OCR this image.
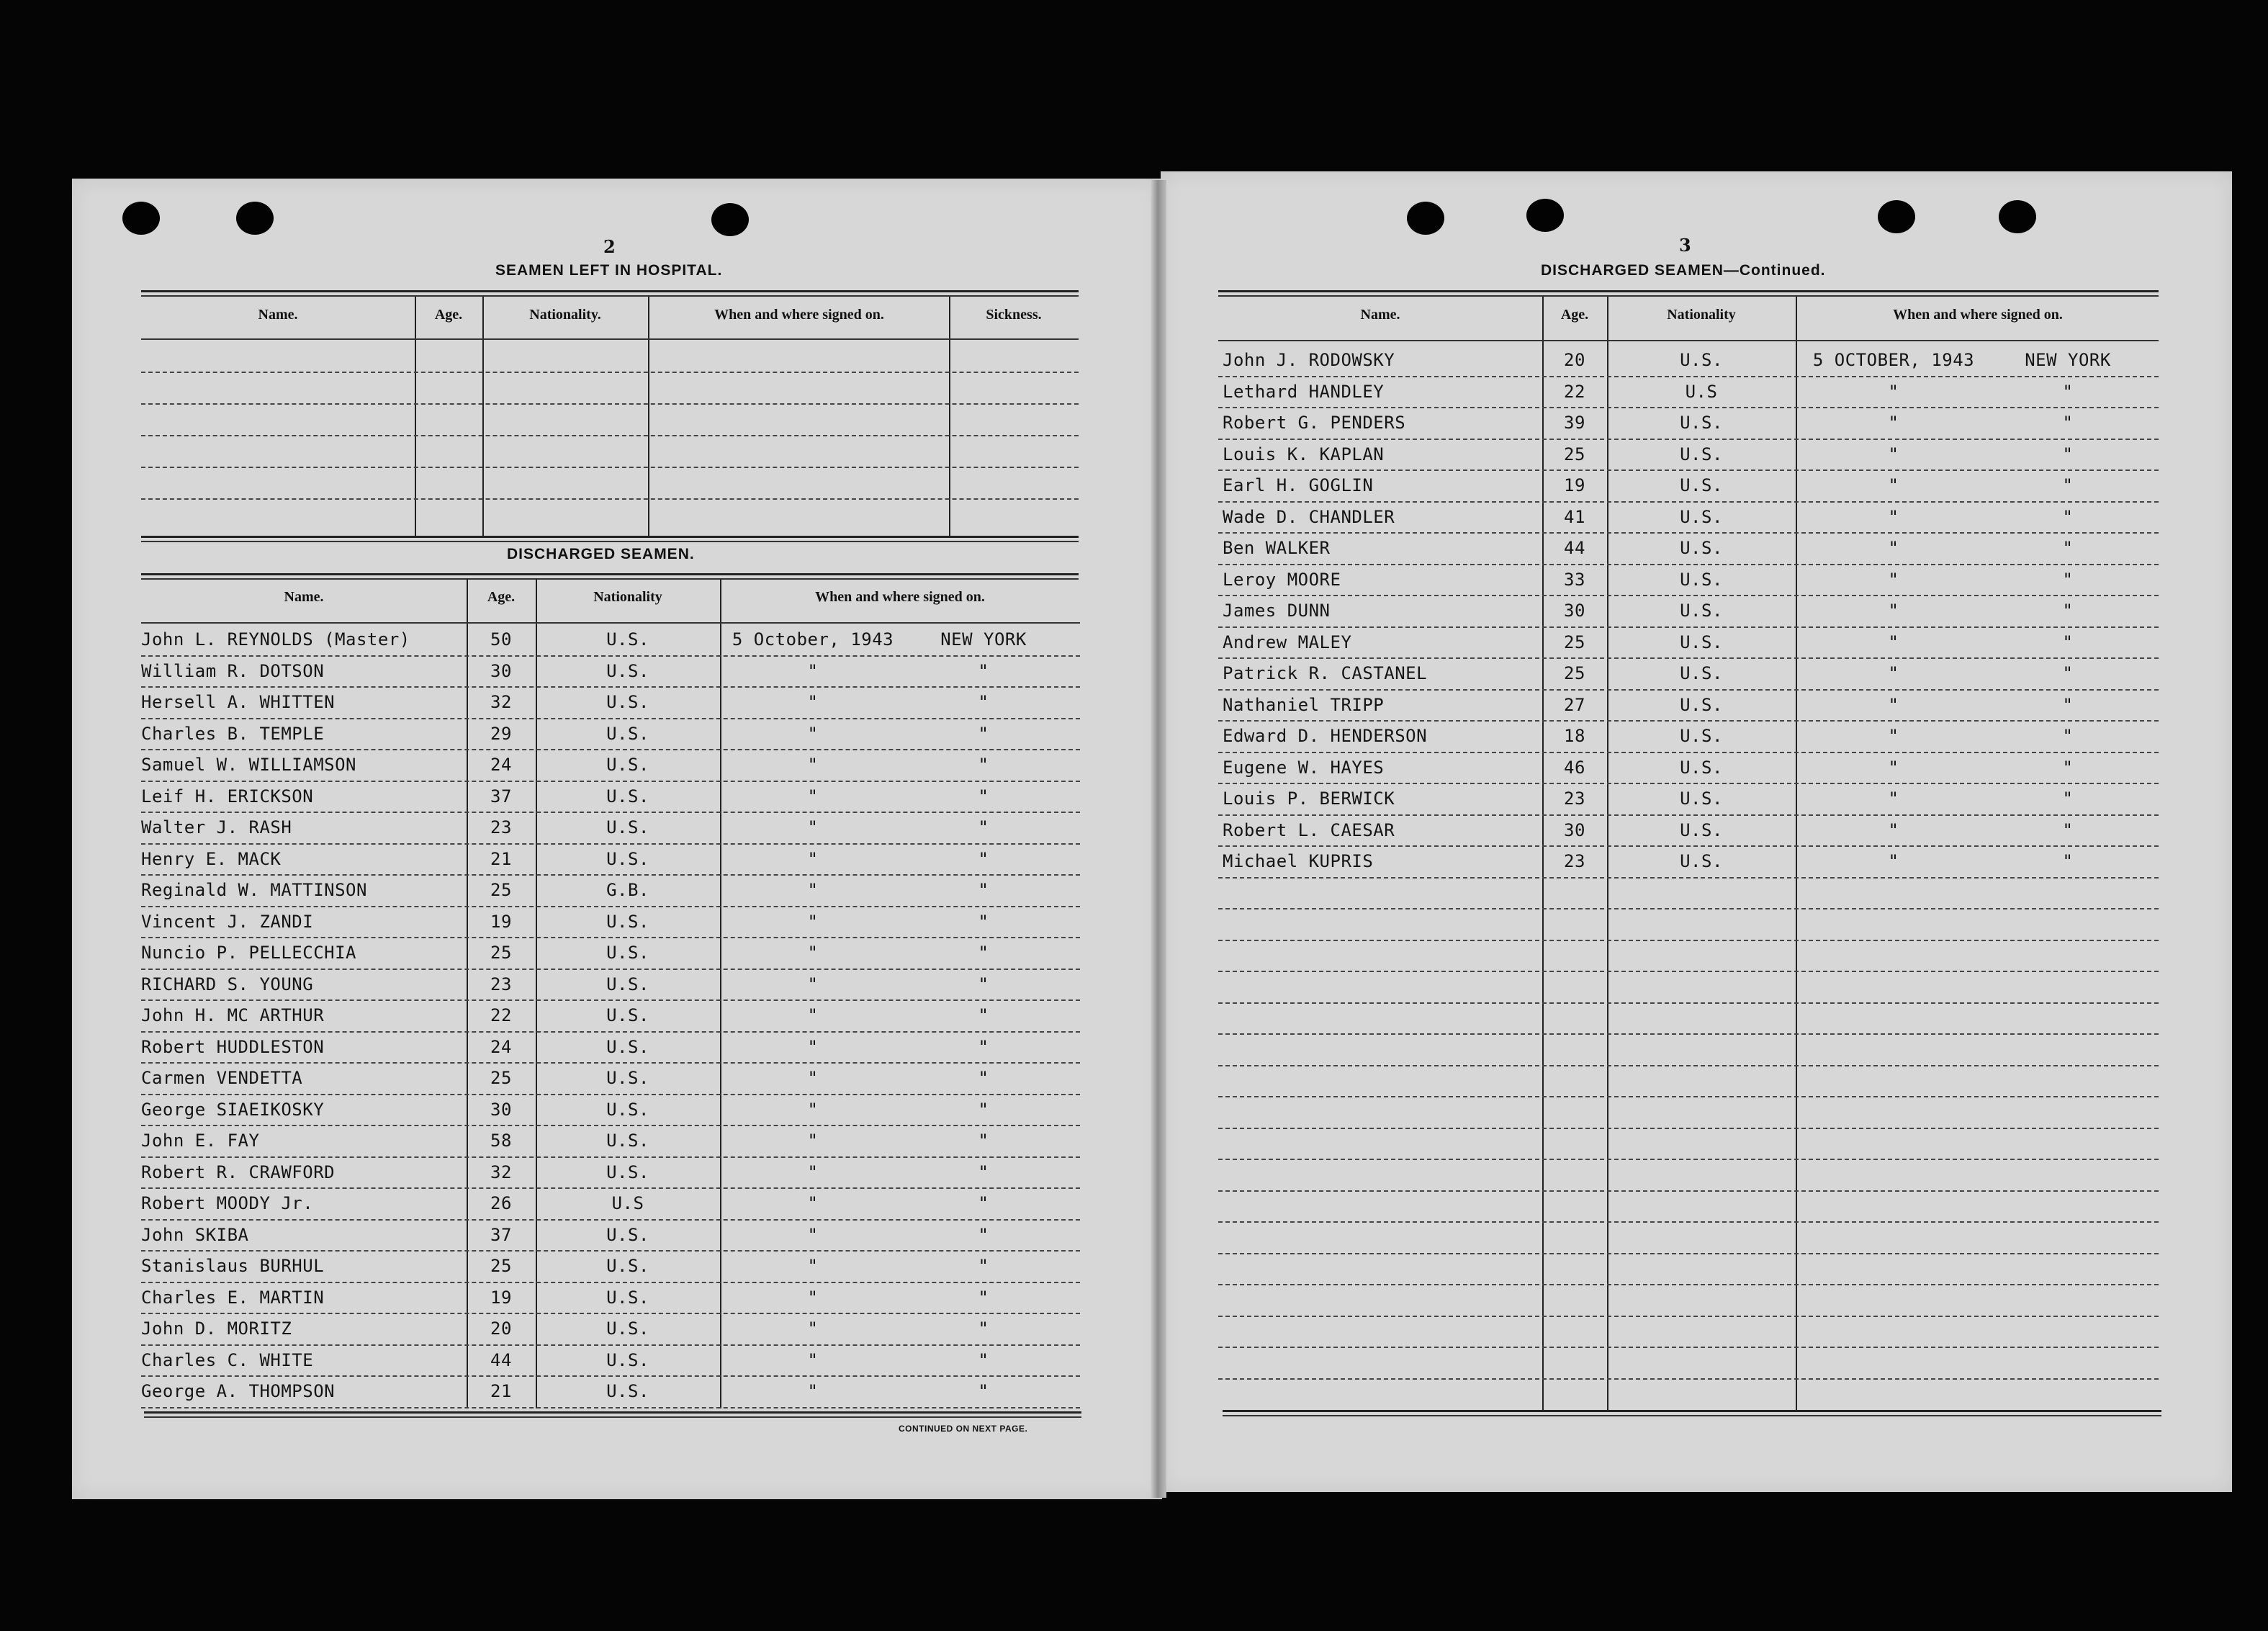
2
SEAMEN LEFT IN HOSPITAL.
Name.	Age.	Nationality.	When and where signed on.	Sickness.
DISCHARGED SEAMEN.
Name.	Age.	Nationality	When and where signed on.
John L. REYNOLDS (Master)	50	U.S.	5 October, 1943	NEW YORK
William R. DOTSON	30	U.S.	"	"
Hersell A. WHITTEN	32	U.S.	"	"
Charles B. TEMPLE	29	U.S.	"	"
Samuel W. WILLIAMSON	24	U.S.	"	"
Leif H. ERICKSON	37	U.S.	"	"
Walter J. RASH	23	U.S.	"	"
Henry E. MACK	21	U.S.	"	"
Reginald W. MATTINSON	25	G.B.	"	"
Vincent J. ZANDI	19	U.S.	"	"
Nuncio P. PELLECCHIA	25	U.S.	"	"
RICHARD S. YOUNG	23	U.S.	"	"
John H. MC ARTHUR	22	U.S.	"	"
Robert HUDDLESTON	24	U.S.	"	"
Carmen VENDETTA	25	U.S.	"	"
George SIAEIKOSKY	30	U.S.	"	"
John E. FAY	58	U.S.	"	"
Robert R. CRAWFORD	32	U.S.	"	"
Robert MOODY Jr.	26	U.S	"	"
John SKIBA	37	U.S.	"	"
Stanislaus BURHUL	25	U.S.	"	"
Charles E. MARTIN	19	U.S.	"	"
John D. MORITZ	20	U.S.	"	"
Charles C. WHITE	44	U.S.	"	"
George A. THOMPSON	21	U.S.	"	"
CONTINUED ON NEXT PAGE.
3
DISCHARGED SEAMEN—Continued.
Name.	Age.	Nationality	When and where signed on.
John J. RODOWSKY	20	U.S.	5 OCTOBER, 1943	NEW YORK
Lethard HANDLEY	22	U.S	"	"
Robert G. PENDERS	39	U.S.	"	"
Louis K. KAPLAN	25	U.S.	"	"
Earl H. GOGLIN	19	U.S.	"	"
Wade D. CHANDLER	41	U.S.	"	"
Ben WALKER	44	U.S.	"	"
Leroy MOORE	33	U.S.	"	"
James DUNN	30	U.S.	"	"
Andrew MALEY	25	U.S.	"	"
Patrick R. CASTANEL	25	U.S.	"	"
Nathaniel TRIPP	27	U.S.	"	"
Edward D. HENDERSON	18	U.S.	"	"
Eugene W. HAYES	46	U.S.	"	"
Louis P. BERWICK	23	U.S.	"	"
Robert L. CAESAR	30	U.S.	"	"
Michael KUPRIS	23	U.S.	"	"
